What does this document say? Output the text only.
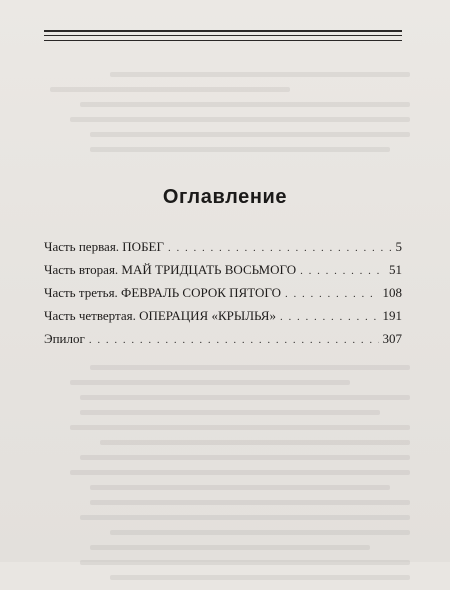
Оглавление
Часть первая. ПОБЕГ . . .	5
Часть вторая. МАЙ ТРИДЦАТЬ ВОСЬМОГО . . .	51
Часть третья. ФЕВРАЛЬ СОРОК ПЯТОГО . . .	108
Часть четвертая. ОПЕРАЦИЯ «КРЫЛЬЯ» . . .	191
Эпилог . . .	307
